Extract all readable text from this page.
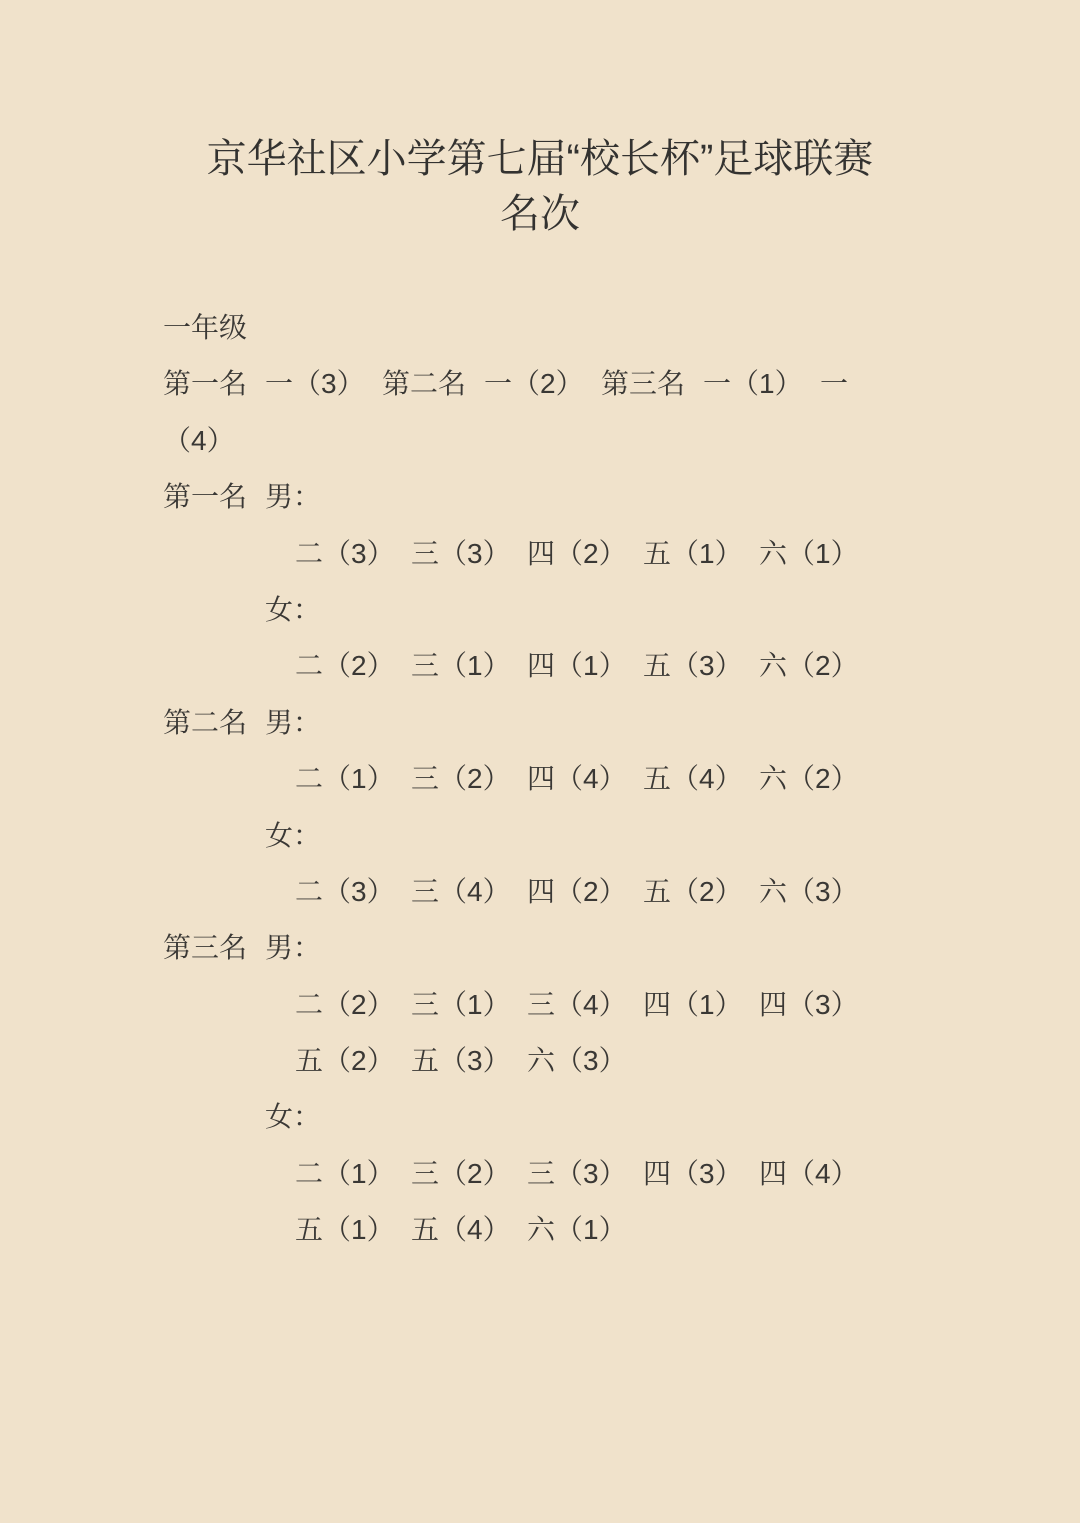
京华社区小学第七届“校长杯”足球联赛
名次
一年级
第一名 一（3） 第二名 一（2） 第三名 一（1） 一
（4）
第一名 男：
二（3） 三（3） 四（2） 五（1） 六（1）
女：
二（2） 三（1） 四（1） 五（3） 六（2）
第二名 男：
二（1） 三（2） 四（4） 五（4） 六（2）
女：
二（3） 三（4） 四（2） 五（2） 六（3）
第三名 男：
二（2） 三（1） 三（4） 四（1） 四（3）
五（2） 五（3） 六（3）
女：
二（1） 三（2） 三（3） 四（3） 四（4）
五（1） 五（4） 六（1）
